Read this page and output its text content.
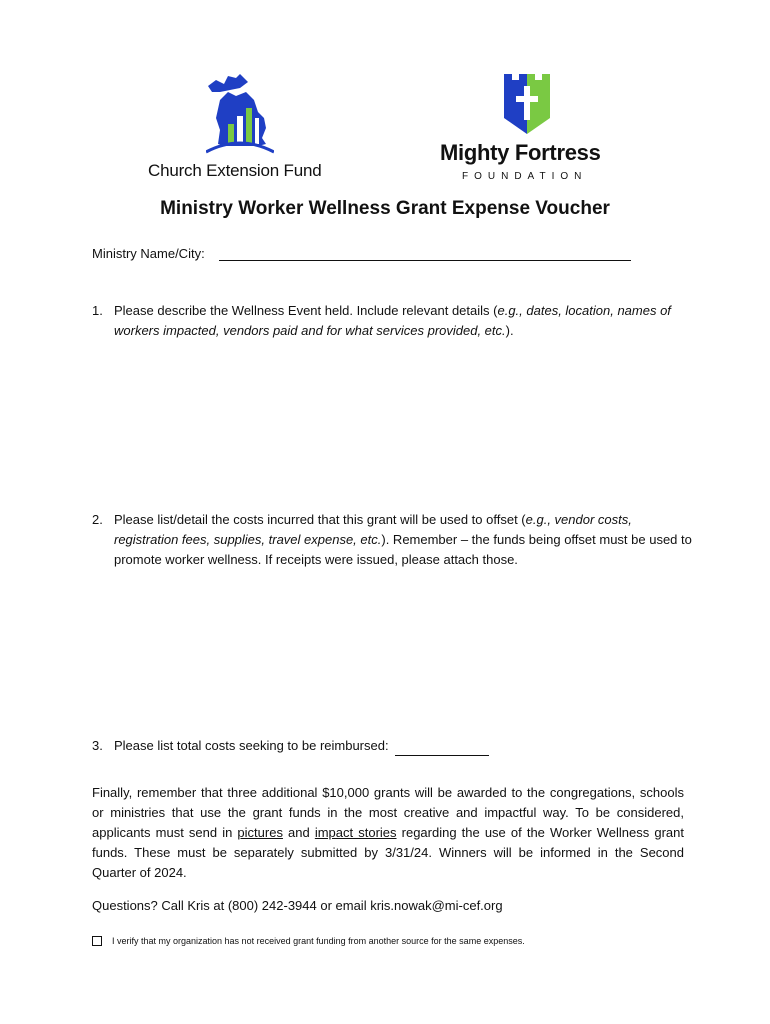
Church Extension Fund
Mighty Fortress
FOUNDATION
Ministry Worker Wellness Grant Expense Voucher
Ministry Name/City:
1. Please describe the Wellness Event held. Include relevant details (e.g., dates, location, names of workers impacted, vendors paid and for what services provided, etc.).
2. Please list/detail the costs incurred that this grant will be used to offset (e.g., vendor costs, registration fees, supplies, travel expense, etc.). Remember – the funds being offset must be used to promote worker wellness. If receipts were issued, please attach those.
3. Please list total costs seeking to be reimbursed:
Finally, remember that three additional $10,000 grants will be awarded to the congregations, schools or ministries that use the grant funds in the most creative and impactful way. To be considered, applicants must send in pictures and impact stories regarding the use of the Worker Wellness grant funds. These must be separately submitted by 3/31/24. Winners will be informed in the Second Quarter of 2024.
Questions? Call Kris at (800) 242-3944 or email kris.nowak@mi-cef.org
I verify that my organization has not received grant funding from another source for the same expenses.
